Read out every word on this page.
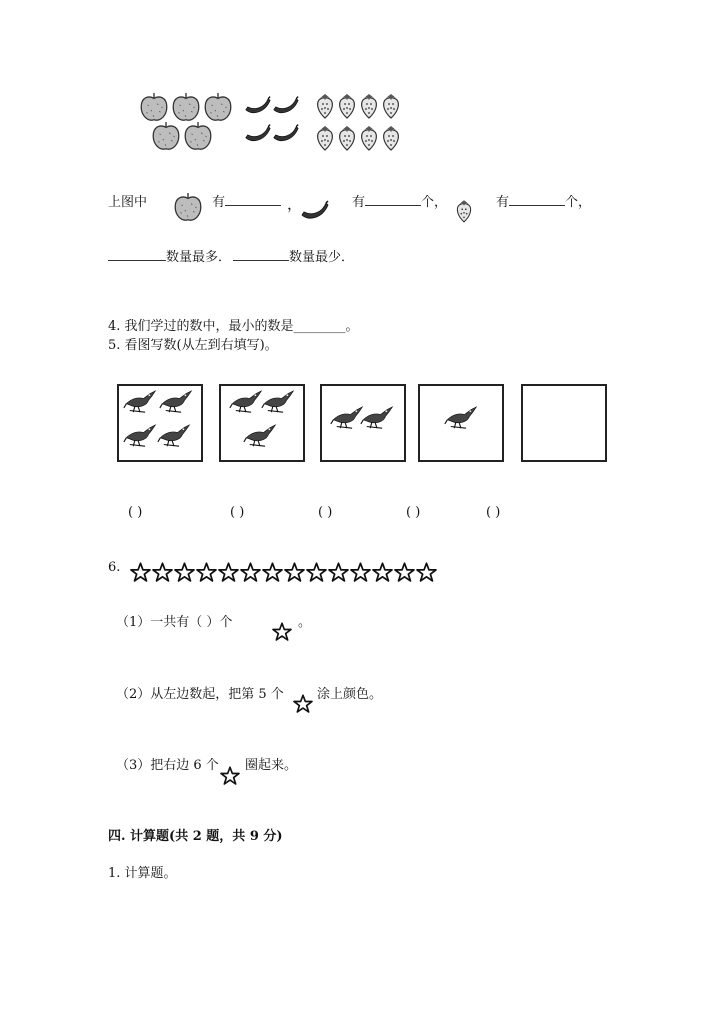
上图中	有	，	有	个，	有	个，
数量最多．	数量最少．
4. 我们学过的数中，最小的数是________。
5. 看图写数(从左到右填写)。
( )	( )	( )	( )	( )
6.
（1）一共有（ ）个	。
（2）从左边数起，把第 5 个	涂上颜色。
（3）把右边 6 个 圈起来。
四. 计算题(共 2 题，共 9 分)
1. 计算题。
